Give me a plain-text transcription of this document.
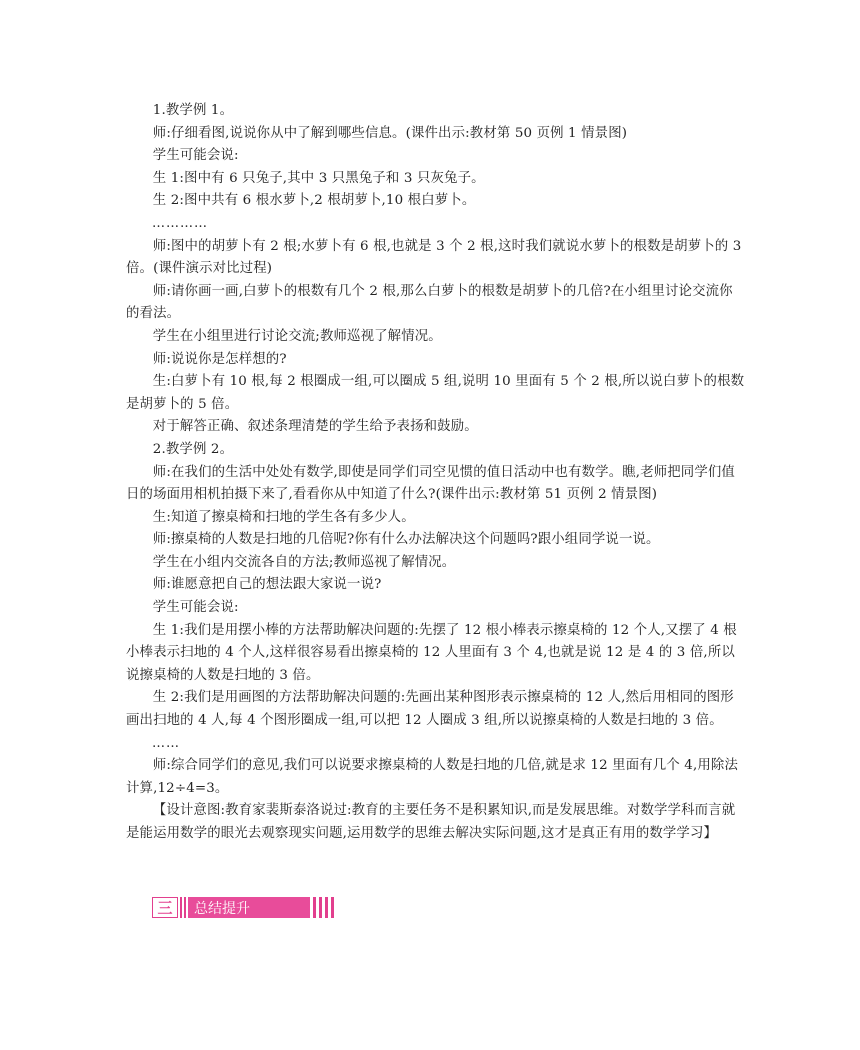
1.教学例 1。

师:仔细看图,说说你从中了解到哪些信息。(课件出示:教材第 50 页例 1 情景图)

学生可能会说:

生 1:图中有 6 只兔子,其中 3 只黑兔子和 3 只灰兔子。

生 2:图中共有 6 根水萝卜,2 根胡萝卜,10 根白萝卜。

…………

师:图中的胡萝卜有 2 根;水萝卜有 6 根,也就是 3 个 2 根,这时我们就说水萝卜的根数是胡萝卜的 3 倍。(课件演示对比过程)

师:请你画一画,白萝卜的根数有几个 2 根,那么白萝卜的根数是胡萝卜的几倍?在小组里讨论交流你的看法。

学生在小组里进行讨论交流;教师巡视了解情况。

师:说说你是怎样想的?

生:白萝卜有 10 根,每 2 根圈成一组,可以圈成 5 组,说明 10 里面有 5 个 2 根,所以说白萝卜的根数是胡萝卜的 5 倍。

对于解答正确、叙述条理清楚的学生给予表扬和鼓励。

2.教学例 2。

师:在我们的生活中处处有数学,即使是同学们司空见惯的值日活动中也有数学。瞧,老师把同学们值日的场面用相机拍摄下来了,看看你从中知道了什么?(课件出示:教材第 51 页例 2 情景图)

生:知道了擦桌椅和扫地的学生各有多少人。

师:擦桌椅的人数是扫地的几倍呢?你有什么办法解决这个问题吗?跟小组同学说一说。

学生在小组内交流各自的方法;教师巡视了解情况。

师:谁愿意把自己的想法跟大家说一说?

学生可能会说:

生 1:我们是用摆小棒的方法帮助解决问题的:先摆了 12 根小棒表示擦桌椅的 12 个人,又摆了 4 根小棒表示扫地的 4 个人,这样很容易看出擦桌椅的 12 人里面有 3 个 4,也就是说 12 是 4 的 3 倍,所以说擦桌椅的人数是扫地的 3 倍。

生 2:我们是用画图的方法帮助解决问题的:先画出某种图形表示擦桌椅的 12 人,然后用相同的图形画出扫地的 4 人,每 4 个图形圈成一组,可以把 12 人圈成 3 组,所以说擦桌椅的人数是扫地的 3 倍。

……

师:综合同学们的意见,我们可以说要求擦桌椅的人数是扫地的几倍,就是求 12 里面有几个 4,用除法计算,12÷4=3。

【设计意图:教育家裴斯泰洛说过:教育的主要任务不是积累知识,而是发展思维。对数学学科而言就是能运用数学的眼光去观察现实问题,运用数学的思维去解决实际问题,这才是真正有用的数学学习】

三	总结提升
